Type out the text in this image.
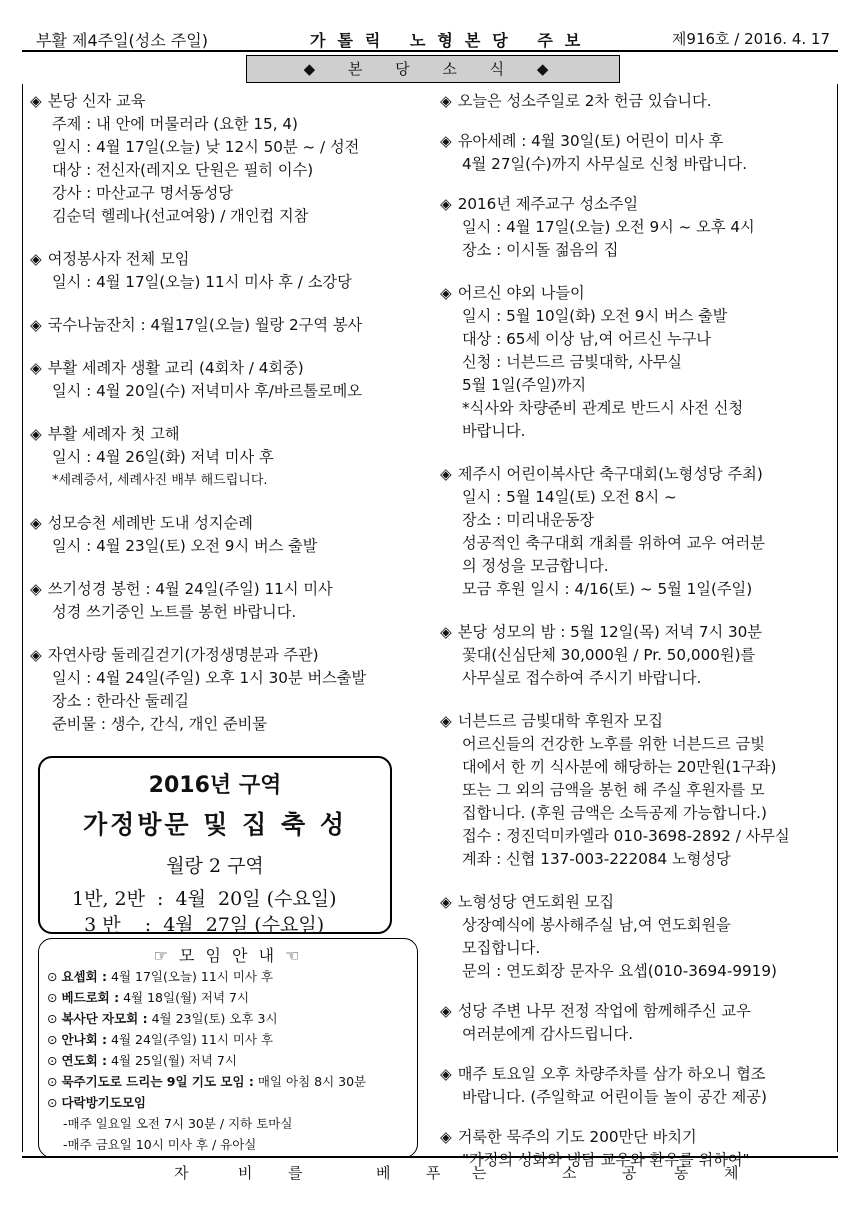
부활 제4주일(성소 주일)	가톨릭 노형본당 주보	제916호 / 2016. 4. 17
◆ 본 당 소 식 ◆
◈ 본당 신자 교육
주제 : 내 안에 머물러라 (요한 15, 4)
일시 : 4월 17일(오늘) 낮 12시 50분 ~ / 성전
대상 : 전신자(레지오 단원은 필히 이수)
강사 : 마산교구 명서동성당
김순덕 헬레나(선교여왕) / 개인컵 지참
◈ 여정봉사자 전체 모임
일시 : 4월 17일(오늘) 11시 미사 후 / 소강당
◈ 국수나눔잔치 : 4월17일(오늘) 월랑 2구역 봉사
◈ 부활 세례자 생활 교리 (4회차 / 4회중)
일시 : 4월 20일(수) 저녁미사 후/바르톨로메오
◈ 부활 세례자 첫 고해
일시 : 4월 26일(화) 저녁 미사 후
*세례증서, 세례사진 배부 해드립니다.
◈ 성모승천 세례반 도내 성지순례
일시 : 4월 23일(토) 오전 9시 버스 출발
◈ 쓰기성경 봉헌 : 4월 24일(주일) 11시 미사
성경 쓰기중인 노트를 봉헌 바랍니다.
◈ 자연사랑 둘레길걷기(가정생명분과 주관)
일시 : 4월 24일(주일) 오후 1시 30분 버스출발
장소 : 한라산 둘레길
준비물 : 생수, 간식, 개인 준비물
◈ 오늘은 성소주일로 2차 헌금 있습니다.
◈ 유아세례 : 4월 30일(토) 어린이 미사 후
4월 27일(수)까지 사무실로 신청 바랍니다.
◈ 2016년 제주교구 성소주일
일시 : 4월 17일(오늘) 오전 9시 ~ 오후 4시
장소 : 이시돌 젊음의 집
◈ 어르신 야외 나들이
일시 : 5월 10일(화) 오전 9시 버스 출발
대상 : 65세 이상 남,여 어르신 누구나
신청 : 너븐드르 금빛대학, 사무실
5월 1일(주일)까지
*식사와 차량준비 관계로 반드시 사전 신청
바랍니다.
◈ 제주시 어린이복사단 축구대회(노형성당 주최)
일시 : 5월 14일(토) 오전 8시 ~
장소 : 미리내운동장
성공적인 축구대회 개최를 위하여 교우 여러분
의 정성을 모금합니다.
모금 후원 일시 : 4/16(토) ~ 5월 1일(주일)
◈ 본당 성모의 밤 : 5월 12일(목) 저녁 7시 30분
꽃대(신심단체 30,000원 / Pr. 50,000원)를
사무실로 접수하여 주시기 바랍니다.
◈ 너븐드르 금빛대학 후원자 모집
어르신들의 건강한 노후를 위한 너븐드르 금빛
대에서 한 끼 식사분에 해당하는 20만원(1구좌)
또는 그 외의 금액을 봉헌 해 주실 후원자를 모
집합니다. (후원 금액은 소득공제 가능합니다.)
접수 : 정진덕미카엘라 010-3698-2892 / 사무실
계좌 : 신협 137-003-222084 노형성당
◈ 노형성당 연도회원 모집
상장예식에 봉사해주실 남,여 연도회원을
모집합니다.
문의 : 연도회장 문자우 요셉(010-3694-9919)
◈ 성당 주변 나무 전정 작업에 함께해주신 교우
여러분에게 감사드립니다.
◈ 매주 토요일 오후 차량주차를 삼가 하오니 협조
바랍니다. (주일학교 어린이들 놀이 공간 제공)
◈ 거룩한 묵주의 기도 200만단 바치기
"가정의 성화와 냉담 교우와 환우를 위하여"
2016년 구역
가정방문 및 집 축 성
월랑 2 구역
1반, 2반  :  4월  20일 (수요일)
3 반    :  4월  27일 (수요일)
☞ 모 임 안 내 ☜
⊙ 요셉회 : 4월 17일(오늘) 11시 미사 후
⊙ 베드로회 : 4월 18일(월) 저녁 7시
⊙ 복사단 자모회 : 4월 23일(토) 오후 3시
⊙ 안나회 : 4월 24일(주일) 11시 미사 후
⊙ 연도회 : 4월 25일(월) 저녁 7시
⊙ 묵주기도로 드리는 9일 기도 모임 : 매일 아침 8시 30분
⊙ 다락방기도모임
-매주 일요일 오전 7시 30분 / 지하 토마실
-매주 금요일 10시 미사 후 / 유아실
자	비 를	베 푸 는	소	공	동 체
